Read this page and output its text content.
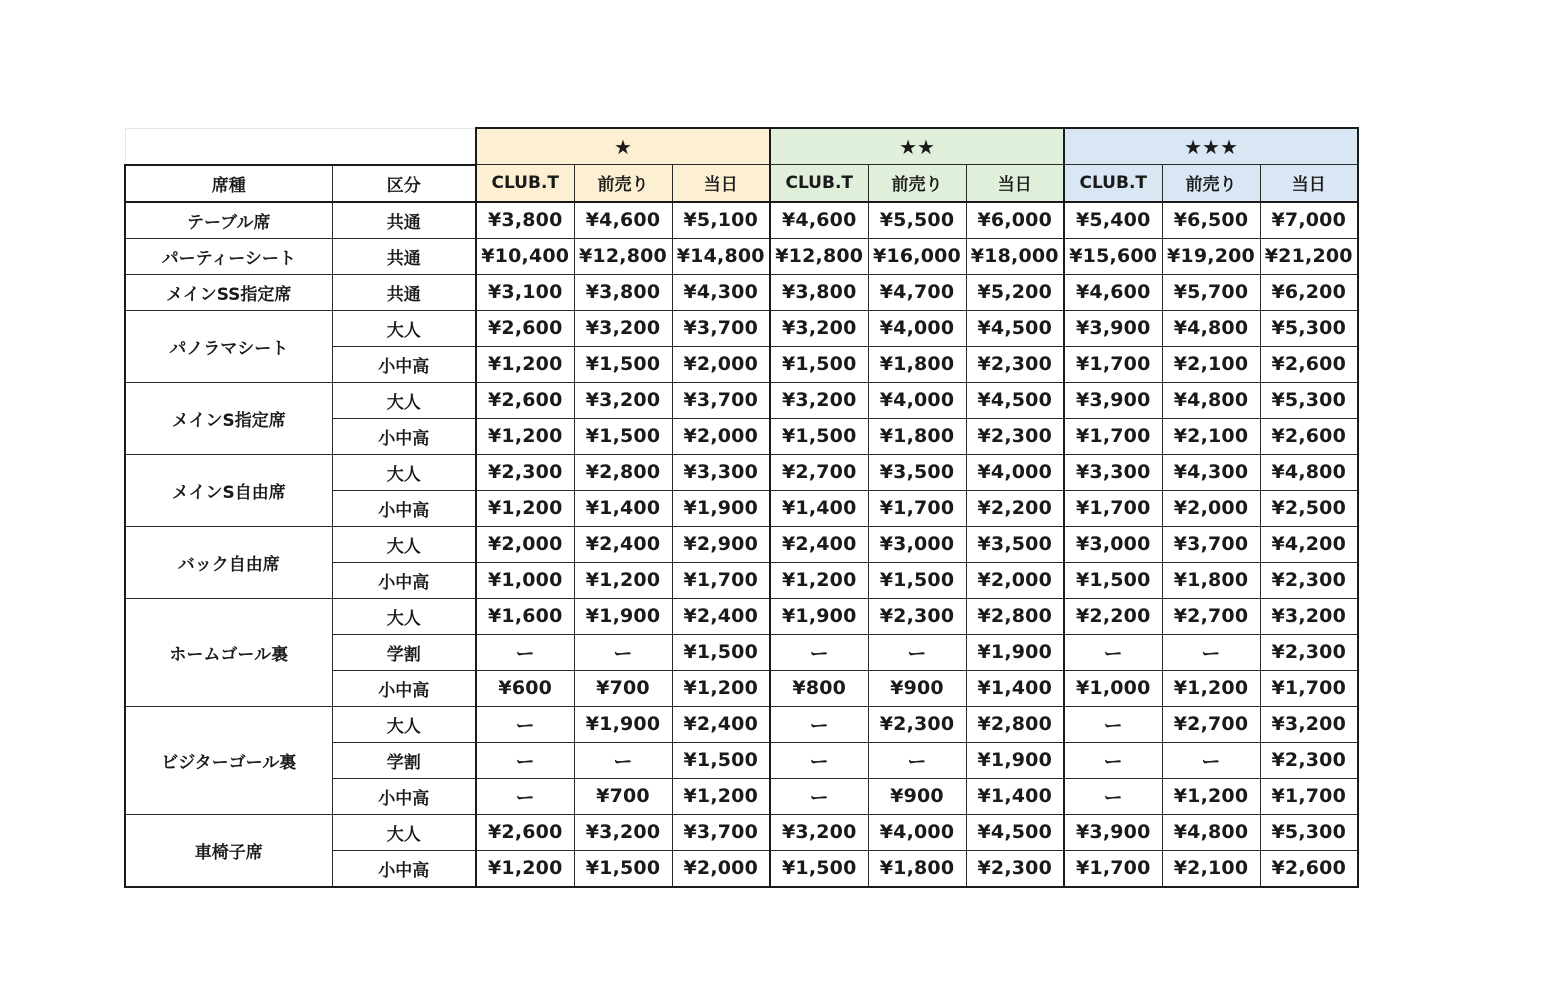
		★			★★			★★★		
席種	区分	CLUB.T	前売り	当日	CLUB.T	前売り	当日	CLUB.T	前売り	当日
テーブル席	共通	¥3,800	¥4,600	¥5,100	¥4,600	¥5,500	¥6,000	¥5,400	¥6,500	¥7,000
パーティーシート	共通	¥10,400	¥12,800	¥14,800	¥12,800	¥16,000	¥18,000	¥15,600	¥19,200	¥21,200
メインSS指定席	共通	¥3,100	¥3,800	¥4,300	¥3,800	¥4,700	¥5,200	¥4,600	¥5,700	¥6,200
パノラマシート	大人	¥2,600	¥3,200	¥3,700	¥3,200	¥4,000	¥4,500	¥3,900	¥4,800	¥5,300
	小中高	¥1,200	¥1,500	¥2,000	¥1,500	¥1,800	¥2,300	¥1,700	¥2,100	¥2,600
メインS指定席	大人	¥2,600	¥3,200	¥3,700	¥3,200	¥4,000	¥4,500	¥3,900	¥4,800	¥5,300
	小中高	¥1,200	¥1,500	¥2,000	¥1,500	¥1,800	¥2,300	¥1,700	¥2,100	¥2,600
メインS自由席	大人	¥2,300	¥2,800	¥3,300	¥2,700	¥3,500	¥4,000	¥3,300	¥4,300	¥4,800
	小中高	¥1,200	¥1,400	¥1,900	¥1,400	¥1,700	¥2,200	¥1,700	¥2,000	¥2,500
バック自由席	大人	¥2,000	¥2,400	¥2,900	¥2,400	¥3,000	¥3,500	¥3,000	¥3,700	¥4,200
	小中高	¥1,000	¥1,200	¥1,700	¥1,200	¥1,500	¥2,000	¥1,500	¥1,800	¥2,300
ホームゴール裏	大人	¥1,600	¥1,900	¥2,400	¥1,900	¥2,300	¥2,800	¥2,200	¥2,700	¥3,200
	学割	ー	ー	¥1,500	ー	ー	¥1,900	ー	ー	¥2,300
	小中高	¥600	¥700	¥1,200	¥800	¥900	¥1,400	¥1,000	¥1,200	¥1,700
ビジターゴール裏	大人	ー	¥1,900	¥2,400	ー	¥2,300	¥2,800	ー	¥2,700	¥3,200
	学割	ー	ー	¥1,500	ー	ー	¥1,900	ー	ー	¥2,300
	小中高	ー	¥700	¥1,200	ー	¥900	¥1,400	ー	¥1,200	¥1,700
車椅子席	大人	¥2,600	¥3,200	¥3,700	¥3,200	¥4,000	¥4,500	¥3,900	¥4,800	¥5,300
	小中高	¥1,200	¥1,500	¥2,000	¥1,500	¥1,800	¥2,300	¥1,700	¥2,100	¥2,600
